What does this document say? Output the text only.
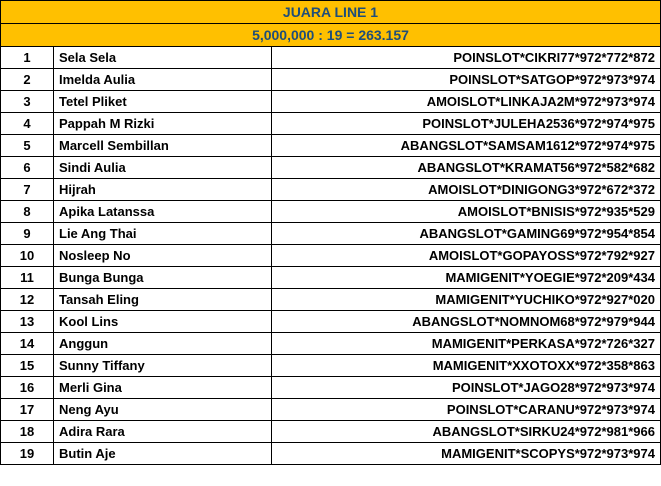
JUARA LINE 1		
5,000,000 : 19 = 263.157		
1	Sela Sela	POINSLOT*CIKRI77*972*772*872
2	Imelda Aulia	POINSLOT*SATGOP*972*973*974
3	Tetel Pliket	AMOISLOT*LINKAJA2M*972*973*974
4	Pappah M Rizki	POINSLOT*JULEHA2536*972*974*975
5	Marcell Sembillan	ABANGSLOT*SAMSAM1612*972*974*975
6	Sindi Aulia	ABANGSLOT*KRAMAT56*972*582*682
7	Hijrah	AMOISLOT*DINIGONG3*972*672*372
8	Apika Latanssa	AMOISLOT*BNISIS*972*935*529
9	Lie Ang Thai	ABANGSLOT*GAMING69*972*954*854
10	Nosleep No	AMOISLOT*GOPAYOSS*972*792*927
11	Bunga Bunga	MAMIGENIT*YOEGIE*972*209*434
12	Tansah Eling	MAMIGENIT*YUCHIKO*972*927*020
13	Kool Lins	ABANGSLOT*NOMNOM68*972*979*944
14	Anggun	MAMIGENIT*PERKASA*972*726*327
15	Sunny Tiffany	MAMIGENIT*XXOTOXX*972*358*863
16	Merli Gina	POINSLOT*JAGO28*972*973*974
17	Neng Ayu	POINSLOT*CARANU*972*973*974
18	Adira Rara	ABANGSLOT*SIRKU24*972*981*966
19	Butin Aje	MAMIGENIT*SCOPYS*972*973*974
